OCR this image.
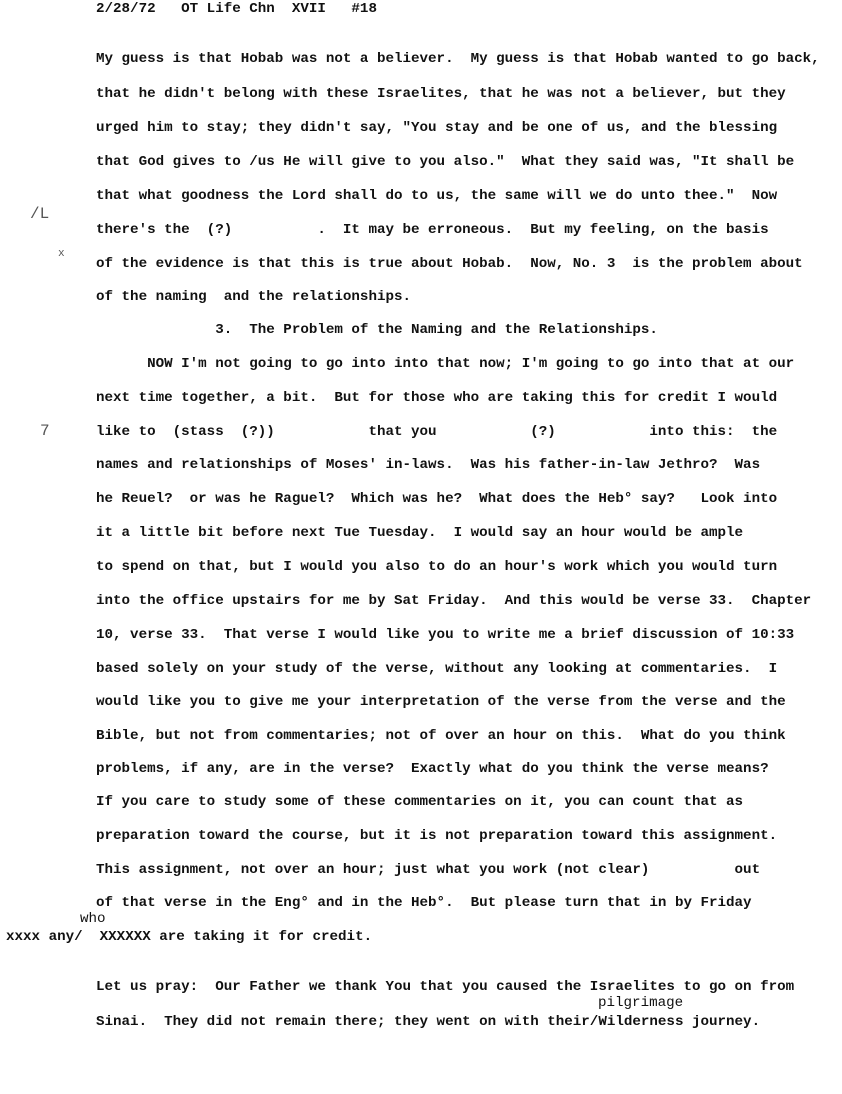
2/28/72   OT Life Chn  XVII   #18
/L
x
7
My guess is that Hobab was not a believer.  My guess is that Hobab wanted to go back,
that he didn't belong with these Israelites, that he was not a believer, but they
urged him to stay; they didn't say, "You stay and be one of us, and the blessing
that God gives to /us He will give to you also."  What they said was, "It shall be
that what goodness the Lord shall do to us, the same will we do unto thee."  Now
there's the  (?)          .  It may be erroneous.  But my feeling, on the basis
of the evidence is that this is true about Hobab.  Now, No. 3  is the problem about
of the naming  and the relationships.
3.  The Problem of the Naming and the Relationships.
NOW I'm not going to go into into that now; I'm going to go into that at our
next time together, a bit.  But for those who are taking this for credit I would
like to  (stass  (?))           that you           (?)           into this:  the
names and relationships of Moses' in-laws.  Was his father-in-law Jethro?  Was
he Reuel?  or was he Raguel?  Which was he?  What does the Heb° say?   Look into
it a little bit before next Tue Tuesday.  I would say an hour would be ample
to spend on that, but I would you also to do an hour's work which you would turn
into the office upstairs for me by Sat Friday.  And this would be verse 33.  Chapter
10, verse 33.  That verse I would like you to write me a brief discussion of 10:33
based solely on your study of the verse, without any looking at commentaries.  I
would like you to give me your interpretation of the verse from the verse and the
Bible, but not from commentaries; not of over an hour on this.  What do you think
problems, if any, are in the verse?  Exactly what do you think the verse means?
If you care to study some of these commentaries on it, you can count that as
preparation toward the course, but it is not preparation toward this assignment.
This assignment, not over an hour; just what you work (not clear)          out
of that verse in the Eng° and in the Heb°.  But please turn that in by Friday
who
xxxx any/  XXXXXX are taking it for credit.
pilgrimage
Let us pray:  Our Father we thank You that you caused the Israelites to go on from
Sinai.  They did not remain there; they went on with their/Wilderness journey.
